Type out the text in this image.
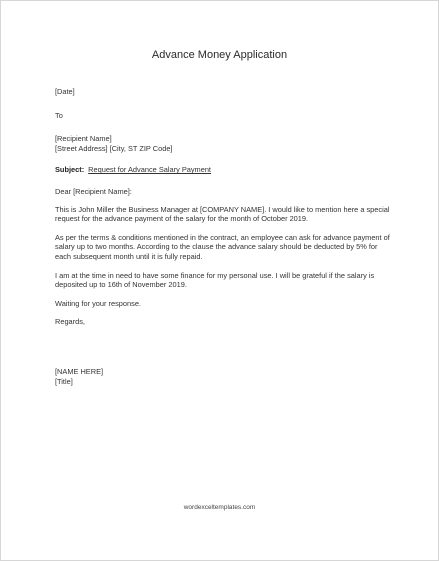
Advance Money Application

[Date]

To

[Recipient Name]

[Street Address] [City, ST ZIP Code]

Subject: Request for Advance Salary Payment

Dear [Recipient Name]:

This is John Miller the Business Manager at [COMPANY NAME]. I would like to mention here a special request for the advance payment of the salary for the month of October 2019.

As per the terms & conditions mentioned in the contract, an employee can ask for advance payment of salary up to two months. According to the clause the advance salary should be deducted by 5% for each subsequent month until it is fully repaid.

I am at the time in need to have some finance for my personal use. I will be grateful if the salary is deposited up to 16th of November 2019.

Waiting for your response.

Regards,

[NAME HERE]

[Title]

wordexceltemplates.com
